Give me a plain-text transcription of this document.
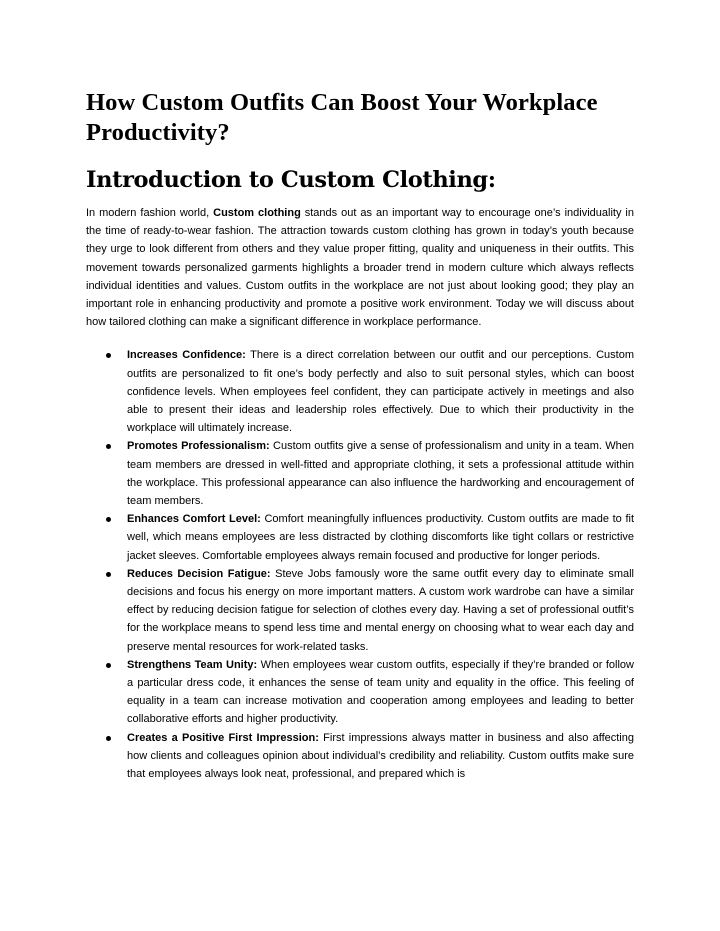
How Custom Outfits Can Boost Your Workplace Productivity?
Introduction to Custom Clothing:

In modern fashion world, Custom clothing stands out as an important way to encourage one’s individuality in the time of ready-to-wear fashion. The attraction towards custom clothing has grown in today’s youth because they urge to look different from others and they value proper fitting, quality and uniqueness in their outfits. This movement towards personalized garments highlights a broader trend in modern culture which always reflects individual identities and values. Custom outfits in the workplace are not just about looking good; they play an important role in enhancing productivity and promote a positive work environment. Today we will discuss about how tailored clothing can make a significant difference in workplace performance.

Increases Confidence: There is a direct correlation between our outfit and our perceptions. Custom outfits are personalized to fit one’s body perfectly and also to suit personal styles, which can boost confidence levels. When employees feel confident, they can participate actively in meetings and also able to present their ideas and leadership roles effectively. Due to which their productivity in the workplace will ultimately increase.
Promotes Professionalism: Custom outfits give a sense of professionalism and unity in a team. When team members are dressed in well-fitted and appropriate clothing, it sets a professional attitude within the workplace. This professional appearance can also influence the hardworking and encouragement of team members.
Enhances Comfort Level: Comfort meaningfully influences productivity. Custom outfits are made to fit well, which means employees are less distracted by clothing discomforts like tight collars or restrictive jacket sleeves. Comfortable employees always remain focused and productive for longer periods.
Reduces Decision Fatigue: Steve Jobs famously wore the same outfit every day to eliminate small decisions and focus his energy on more important matters. A custom work wardrobe can have a similar effect by reducing decision fatigue for selection of clothes every day. Having a set of professional outfit’s for the workplace means to spend less time and mental energy on choosing what to wear each day and preserve mental resources for work-related tasks.
Strengthens Team Unity: When employees wear custom outfits, especially if they’re branded or follow a particular dress code, it enhances the sense of team unity and equality in the office. This feeling of equality in a team can increase motivation and cooperation among employees and leading to better collaborative efforts and higher productivity.
Creates a Positive First Impression: First impressions always matter in business and also affecting how clients and colleagues opinion about individual’s credibility and reliability. Custom outfits make sure that employees always look neat, professional, and prepared which is
